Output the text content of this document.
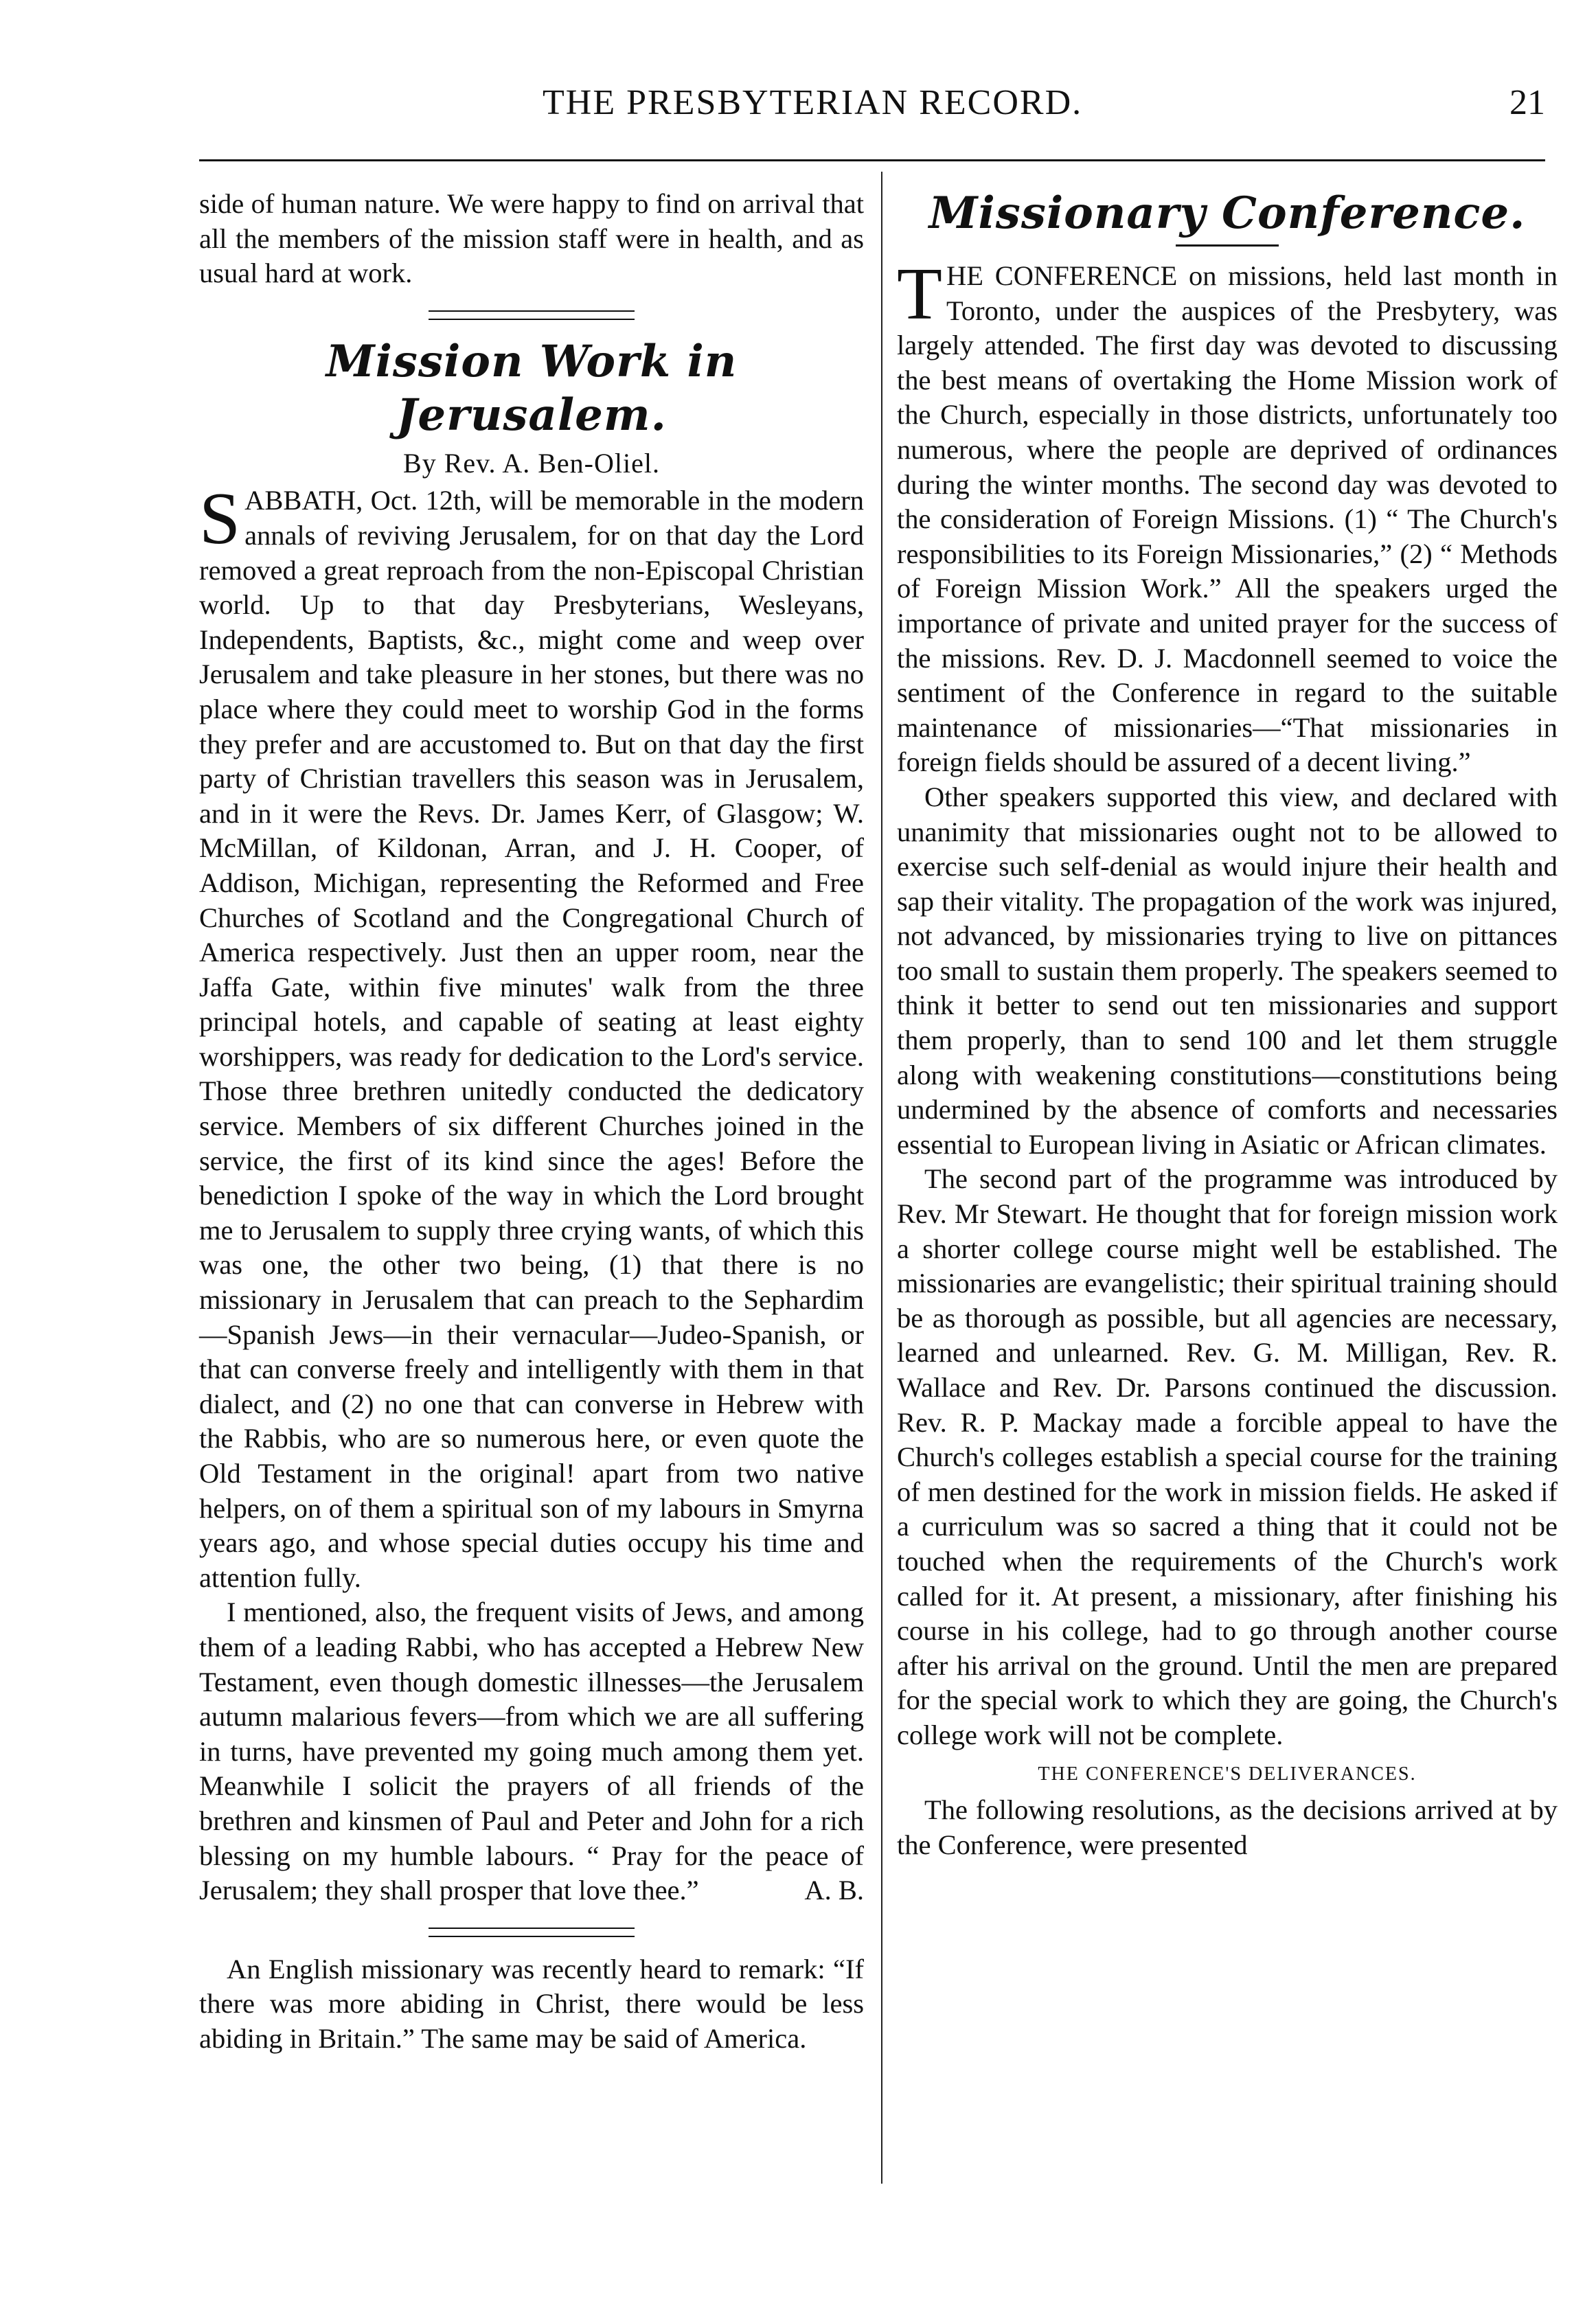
THE PRESBYTERIAN RECORD.	21

side of human nature. We were happy to find on arrival that all the members of the mission staff were in health, and as usual hard at work.

Mission Work in Jerusalem.
By Rev. A. Ben-Oliel.

S ABBATH, Oct. 12th, will be memorable in the modern annals of reviving Jerusalem, for on that day the Lord removed a great reproach from the non-Episcopal Christian world. Up to that day Presbyterians, Wesleyans, Independents, Baptists, &c., might come and weep over Jerusalem and take pleasure in her stones, but there was no place where they could meet to worship God in the forms they prefer and are accustomed to. But on that day the first party of Christian travellers this season was in Jerusalem, and in it were the Revs. Dr. James Kerr, of Glasgow; W. McMillan, of Kildonan, Arran, and J. H. Cooper, of Addison, Michigan, representing the Reformed and Free Churches of Scotland and the Congregational Church of America respectively. Just then an upper room, near the Jaffa Gate, within five minutes' walk from the three principal hotels, and capable of seating at least eighty worshippers, was ready for dedication to the Lord's service. Those three brethren unitedly conducted the dedicatory service. Members of six different Churches joined in the service, the first of its kind since the ages! Before the benediction I spoke of the way in which the Lord brought me to Jerusalem to supply three crying wants, of which this was one, the other two being, (1) that there is no missionary in Jerusalem that can preach to the Sephardim—Spanish Jews—in their vernacular—Judeo-Spanish, or that can converse freely and intelligently with them in that dialect, and (2) no one that can converse in Hebrew with the Rabbis, who are so numerous here, or even quote the Old Testament in the original! apart from two native helpers, on of them a spiritual son of my labours in Smyrna years ago, and whose special duties occupy his time and attention fully.

I mentioned, also, the frequent visits of Jews, and among them of a leading Rabbi, who has accepted a Hebrew New Testament, even though domestic illnesses—the Jerusalem autumn malarious fevers—from which we are all suffering in turns, have prevented my going much among them yet. Meanwhile I solicit the prayers of all friends of the brethren and kinsmen of Paul and Peter and John for a rich blessing on my humble labours. “ Pray for the peace of Jerusalem; they shall prosper that love thee.”	A. B.

An English missionary was recently heard to remark: “If there was more abiding in Christ, there would be less abiding in Britain.” The same may be said of America.

Missionary Conference.

T HE CONFERENCE on missions, held last month in Toronto, under the auspices of the Presbytery, was largely attended. The first day was devoted to discussing the best means of overtaking the Home Mission work of the Church, especially in those districts, unfortunately too numerous, where the people are deprived of ordinances during the winter months. The second day was devoted to the consideration of Foreign Missions. (1) “ The Church's responsibilities to its Foreign Missionaries,” (2) “ Methods of Foreign Mission Work.” All the speakers urged the importance of private and united prayer for the success of the missions. Rev. D. J. Macdonnell seemed to voice the sentiment of the Conference in regard to the suitable maintenance of missionaries—“That missionaries in foreign fields should be assured of a decent living.”

Other speakers supported this view, and declared with unanimity that missionaries ought not to be allowed to exercise such self-denial as would injure their health and sap their vitality. The propagation of the work was injured, not advanced, by missionaries trying to live on pittances too small to sustain them properly. The speakers seemed to think it better to send out ten missionaries and support them properly, than to send 100 and let them struggle along with weakening constitutions—constitutions being undermined by the absence of comforts and necessaries essential to European living in Asiatic or African climates.

The second part of the programme was introduced by Rev. Mr Stewart. He thought that for foreign mission work a shorter college course might well be established. The missionaries are evangelistic; their spiritual training should be as thorough as possible, but all agencies are necessary, learned and unlearned. Rev. G. M. Milligan, Rev. R. Wallace and Rev. Dr. Parsons continued the discussion. Rev. R. P. Mackay made a forcible appeal to have the Church's colleges establish a special course for the training of men destined for the work in mission fields. He asked if a curriculum was so sacred a thing that it could not be touched when the requirements of the Church's work called for it. At present, a missionary, after finishing his course in his college, had to go through another course after his arrival on the ground. Until the men are prepared for the special work to which they are going, the Church's college work will not be complete.

THE CONFERENCE'S DELIVERANCES.

The following resolutions, as the decisions arrived at by the Conference, were presented
